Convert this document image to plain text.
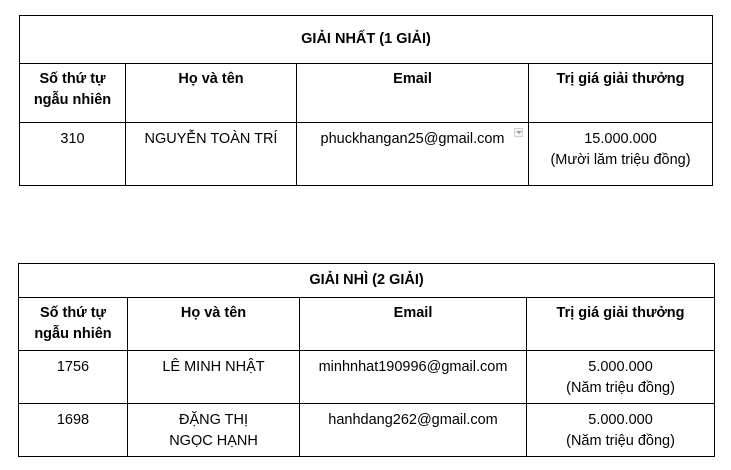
GIẢI NHẤT (1 GIẢI)			

Số thứ tự
ngẫu nhiên	Họ và tên	Email	Trị giá giải thưởng

310	NGUYỄN TOÀN TRÍ	phuckhangan25@gmail.com	15.000.000
(Mười lăm triệu đồng)
GIẢI NHÌ (2 GIẢI)			

Số thứ tự
ngẫu nhiên	Họ và tên	Email	Trị giá giải thưởng

1756	LÊ MINH NHẬT	minhnhat190996@gmail.com	5.000.000
(Năm triệu đồng)

1698	ĐẶNG THỊ
NGỌC HẠNH	hanhdang262@gmail.com	5.000.000
(Năm triệu đồng)
